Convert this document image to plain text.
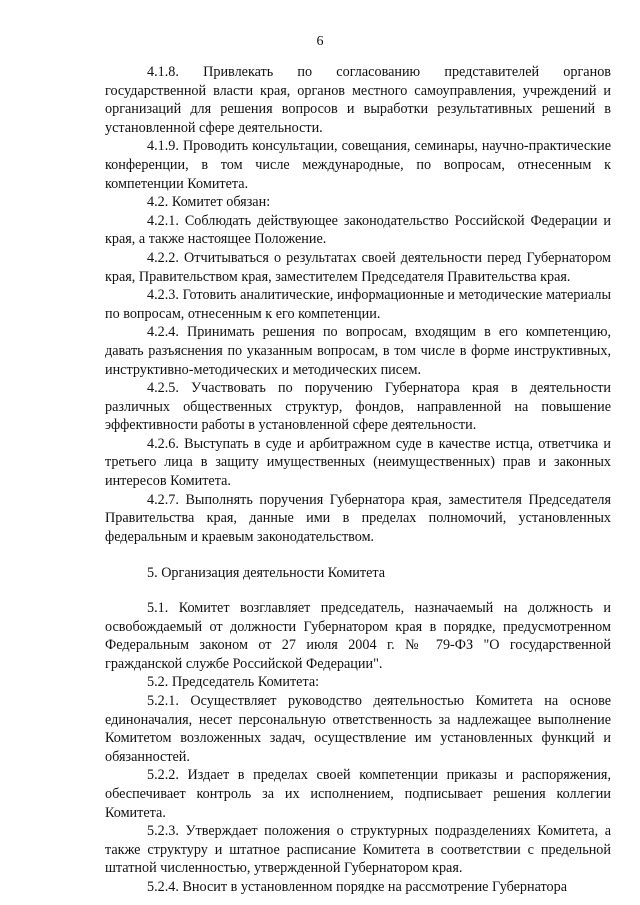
6

4.1.8. Привлекать по согласованию представителей органов государственной власти края, органов местного самоуправления, учреждений и организаций для решения вопросов и выработки результативных решений в установленной сфере деятельности.

4.1.9. Проводить консультации, совещания, семинары, научно-практические конференции, в том числе международные, по вопросам, отнесенным к компетенции Комитета.

4.2. Комитет обязан:

4.2.1. Соблюдать действующее законодательство Российской Федерации и края, а также настоящее Положение.

4.2.2. Отчитываться о результатах своей деятельности перед Губернатором края, Правительством края, заместителем Председателя Правительства края.

4.2.3. Готовить аналитические, информационные и методические материалы по вопросам, отнесенным к его компетенции.

4.2.4. Принимать решения по вопросам, входящим в его компетенцию, давать разъяснения по указанным вопросам, в том числе в форме инструктивных, инструктивно-методических и методических писем.

4.2.5. Участвовать по поручению Губернатора края в деятельности различных общественных структур, фондов, направленной на повышение эффективности работы в установленной сфере деятельности.

4.2.6. Выступать в суде и арбитражном суде в качестве истца, ответчика и третьего лица в защиту имущественных (неимущественных) прав и законных интересов Комитета.

4.2.7. Выполнять поручения Губернатора края, заместителя Председателя Правительства края, данные ими в пределах полномочий, установленных федеральным и краевым законодательством.

5. Организация деятельности Комитета

5.1. Комитет возглавляет председатель, назначаемый на должность и освобождаемый от должности Губернатором края в порядке, предусмотренном Федеральным законом от 27 июля 2004 г. № 79-ФЗ "О государственной гражданской службе Российской Федерации".

5.2. Председатель Комитета:

5.2.1. Осуществляет руководство деятельностью Комитета на основе единоначалия, несет персональную ответственность за надлежащее выполнение Комитетом возложенных задач, осуществление им установленных функций и обязанностей.

5.2.2. Издает в пределах своей компетенции приказы и распоряжения, обеспечивает контроль за их исполнением, подписывает решения коллегии Комитета.

5.2.3. Утверждает положения о структурных подразделениях Комитета, а также структуру и штатное расписание Комитета в соответствии с предельной штатной численностью, утвержденной Губернатором края.

5.2.4. Вносит в установленном порядке на рассмотрение Губернатора
